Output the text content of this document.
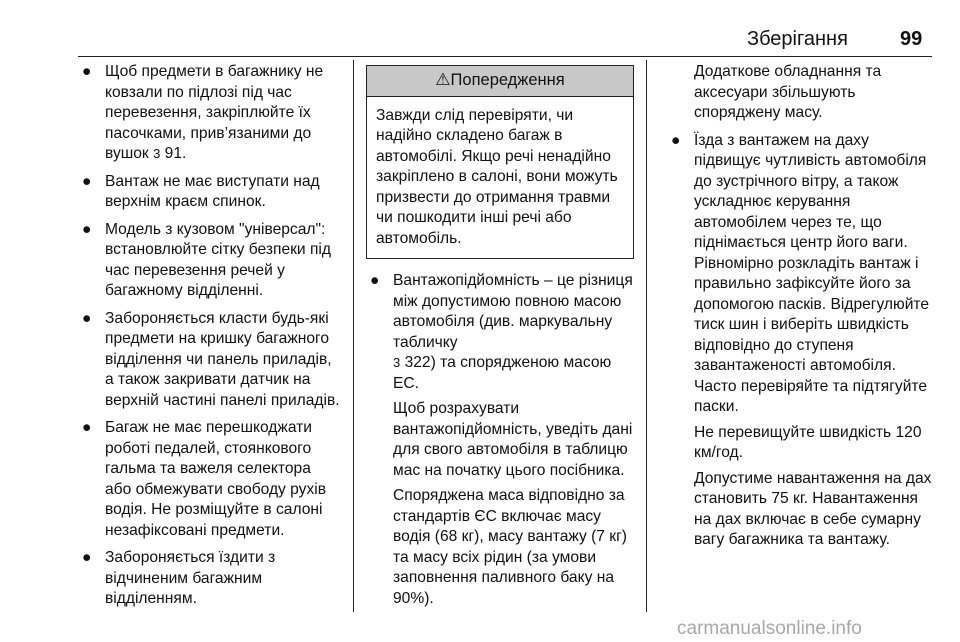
Зберігання	99
● Щоб предмети в багажнику не ковзали по підлозі під час перевезення, закріплюйте їх пасочками, прив’язаними до вушок 3 91.
● Вантаж не має виступати над верхнім краєм спинок.
● Модель з кузовом "універсал": встановлюйте сітку безпеки під час перевезення речей у багажному відділенні.
● Забороняється класти будь-які предмети на кришку багажного відділення чи панель приладів, а також закривати датчик на верхній частині панелі приладів.
● Багаж не має перешкоджати роботі педалей, стоянкового гальма та важеля селектора або обмежувати свободу рухів водія. Не розміщуйте в салоні незафіксовані предмети.
● Забороняється їздити з відчиненим багажним відділенням.
⚠Попередження
Завжди слід перевіряти, чи надійно складено багаж в автомобілі. Якщо речі ненадійно закріплено в салоні, вони можуть призвести до отримання травми чи пошкодити інші речі або автомобіль.
● Вантажопідйомність – це різниця між допустимою повною масою автомобіля (див. маркувальну табличку
3 322) та спорядженою масою ЕС.

Щоб розрахувати вантажопідйомність, уведіть дані для свого автомобіля в таблицю мас на початку цього посібника.

Споряджена маса відповідно за стандартів ЄС включає масу водія (68 кг), масу вантажу (7 кг) та масу всіх рідин (за умови заповнення паливного баку на 90%).

Додаткове обладнання та аксесуари збільшують споряджену масу.
● Їзда з вантажем на даху підвищує чутливість автомобіля до зустрічного вітру, а також ускладнює керування автомобілем через те, що піднімається центр його ваги. Рівномірно розкладіть вантаж і правильно зафіксуйте його за допомогою пасків. Відрегулюйте тиск шин і виберіть швидкість відповідно до ступеня завантаженості автомобіля. Часто перевіряйте та підтягуйте паски.

Не перевищуйте швидкість 120 км/год.

Допустиме навантаження на дах становить 75 кг. Навантаження на дах включає в себе сумарну вагу багажника та вантажу.

carmanualsonline.info
